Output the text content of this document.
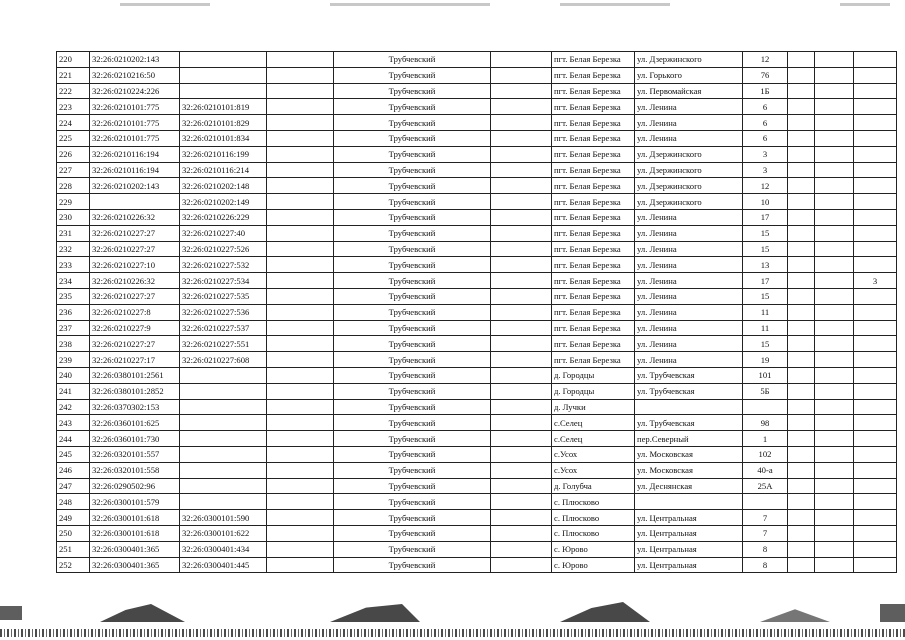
220	32:26:0210202:143			Трубчевский		пгт. Белая Березка	ул. Дзержинского	12			
221	32:26:0210216:50			Трубчевский		пгт. Белая Березка	ул. Горького	76			
222	32:26:0210224:226			Трубчевский		пгт. Белая Березка	ул. Первомайская	1Б			
223	32:26:0210101:775	32:26:0210101:819		Трубчевский		пгт. Белая Березка	ул. Ленина	6			
224	32:26:0210101:775	32:26:0210101:829		Трубчевский		пгт. Белая Березка	ул. Ленина	6			
225	32:26:0210101:775	32:26:0210101:834		Трубчевский		пгт. Белая Березка	ул. Ленина	6			
226	32:26:0210116:194	32:26:0210116:199		Трубчевский		пгт. Белая Березка	ул. Дзержинского	3			
227	32:26:0210116:194	32:26:0210116:214		Трубчевский		пгт. Белая Березка	ул. Дзержинского	3			
228	32:26:0210202:143	32:26:0210202:148		Трубчевский		пгт. Белая Березка	ул. Дзержинского	12			
229		32:26:0210202:149		Трубчевский		пгт. Белая Березка	ул. Дзержинского	10			
230	32:26:0210226:32	32:26:0210226:229		Трубчевский		пгт. Белая Березка	ул. Ленина	17			
231	32:26:0210227:27	32:26:0210227:40		Трубчевский		пгт. Белая Березка	ул. Ленина	15			
232	32:26:0210227:27	32:26:0210227:526		Трубчевский		пгт. Белая Березка	ул. Ленина	15			
233	32:26:0210227:10	32:26:0210227:532		Трубчевский		пгт. Белая Березка	ул. Ленина	13			
234	32:26:0210226:32	32:26:0210227:534		Трубчевский		пгт. Белая Березка	ул. Ленина	17			3
235	32:26:0210227:27	32:26:0210227:535		Трубчевский		пгт. Белая Березка	ул. Ленина	15			
236	32:26:0210227:8	32:26:0210227:536		Трубчевский		пгт. Белая Березка	ул. Ленина	11			
237	32:26:0210227:9	32:26:0210227:537		Трубчевский		пгт. Белая Березка	ул. Ленина	11			
238	32:26:0210227:27	32:26:0210227:551		Трубчевский		пгт. Белая Березка	ул. Ленина	15			
239	32:26:0210227:17	32:26:0210227:608		Трубчевский		пгт. Белая Березка	ул. Ленина	19			
240	32:26:0380101:2561			Трубчевский		д. Городцы	ул. Трубчевская	101			
241	32:26:0380101:2852			Трубчевский		д. Городцы	ул. Трубчевская	5Б			
242	32:26:0370302:153			Трубчевский		д. Лучки					
243	32:26:0360101:625			Трубчевский		с.Селец	ул. Трубчевская	98			
244	32:26:0360101:730			Трубчевский		с.Селец	пер.Северный	1			
245	32:26:0320101:557			Трубчевский		с.Усох	ул. Московская	102			
246	32:26:0320101:558			Трубчевский		с.Усох	ул. Московская	40-а			
247	32:26:0290502:96			Трубчевский		д. Голубча	ул. Деснянская	25А			
248	32:26:0300101:579			Трубчевский		с. Плюсково					
249	32:26:0300101:618	32:26:0300101:590		Трубчевский		с. Плюсково	ул. Центральная	7			
250	32:26:0300101:618	32:26:0300101:622		Трубчевский		с. Плюсково	ул. Центральная	7			
251	32:26:0300401:365	32:26:0300401:434		Трубчевский		с. Юрово	ул. Центральная	8			
252	32:26:0300401:365	32:26:0300401:445		Трубчевский		с. Юрово	ул. Центральная	8			
